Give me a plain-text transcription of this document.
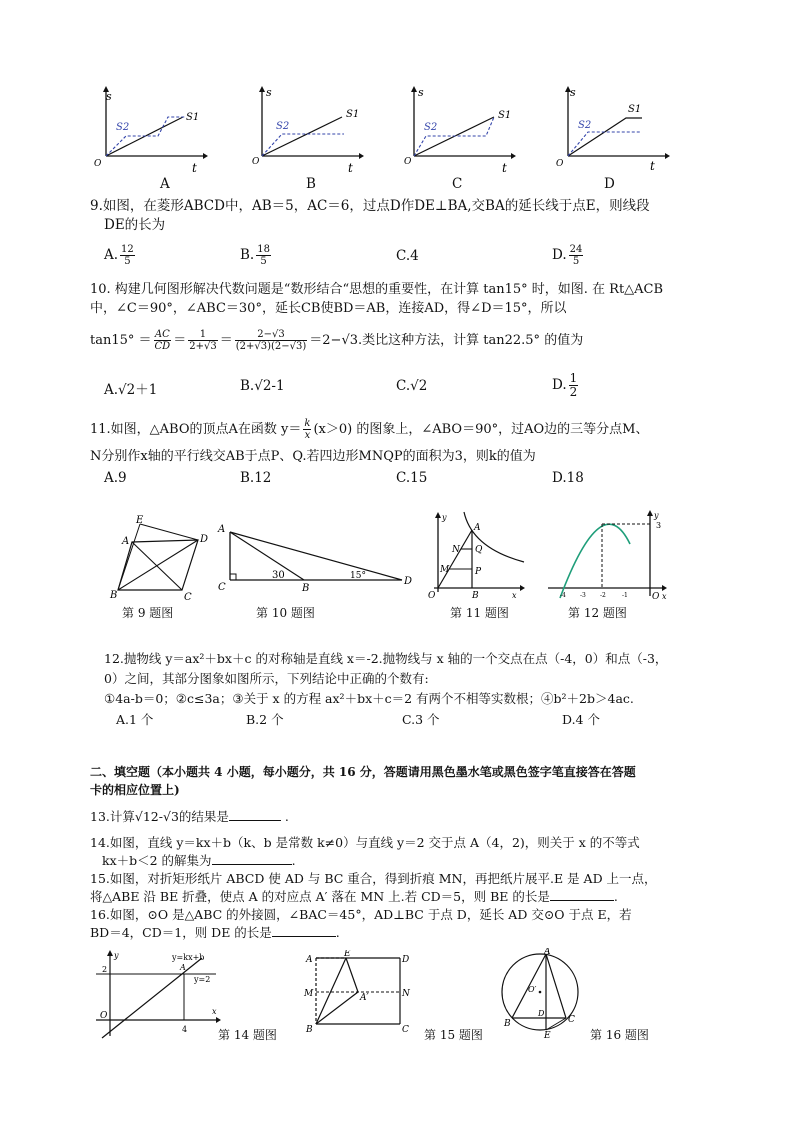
s
t
O
S1
S2
s
t
O
S1
S2
s
t
O
S1
S2
s
t
O
S1
S2
A	B	C	D
9.如图，在菱形ABCD中，AB＝5，AC＝6，过点D作DE⊥BA,交BA的延长线于点E，则线段
DE的长为
A. $\frac{12}{5}$	B. $\frac{18}{5}$	C.4	D. $\frac{24}{5}$
10. 构建几何图形解决代数问题是“数形结合“思想的重要性，在计算 tan15° 时，如图. 在 Rt△ACB
中，∠C＝90°，∠ABC＝30°，延长CB使BD＝AB，连接AD，得∠D＝15°，所以
$\tan 15^\circ = \frac{AC}{CD} = \frac{1}{2+√3} = \frac{2-√3}{(2+√3)(2-√3)} =2-√3$.类比这种方法，计算 tan22.5° 的值为
A.√2＋1	B.√2-1	C.√2	D. $\frac{1}{2}$
11.如图，△ABO的顶点A在函数 $y= \frac{k}{x} (x>0)$ 的图象上，∠ABO＝90°，过AO边的三等分点M、
N分别作x轴的平行线交AB于点P、Q.若四边形MNQP的面积为3，则k的值为
A.9	B.12	C.15	D.18
E
A	D
B	C
A
C	B
D
30	15°
y
x
O	B
A
N
M
Q
P
y
3
O x
-4 -3 -2	-1
第 9 题图	第 10 题图	第 11 题图	第 12 题图
12.抛物线 y＝ax²＋bx＋c 的对称轴是直线 x＝-2.抛物线与 x 轴的一个交点在点（-4，0）和点（-3，
0）之间，其部分图象如图所示，下列结论中正确的个数有:
①4a-b＝0；②c≤3a；③关于 x 的方程 ax²＋bx＋c＝2 有两个不相等实数根；④b²＋2b＞4ac.
A.1 个	B.2 个	C.3 个	D.4 个
二、填空题（本小题共 4 小题，每小题分，共 16 分，答题请用黑色墨水笔或黑色签字笔直接答在答题
卡的相应位置上)
13.计算√12-√3的结果是	.
14.如图，直线 y＝kx＋b（k、b 是常数 k≠0）与直线 y＝2 交于点 A（4，2)，则关于 x 的不等式
kx＋b＜2 的解集为	.
15.如图，对折矩形纸片 ABCD 使 AD 与 BC 重合，得到折痕 MN，再把纸片展平.E 是 AD 上一点，
将△ABE 沿 BE 折叠，使点 A 的对应点 A′ 落在 MN 上.若 CD＝5，则 BE 的长是	.
16.如图，⊙O 是△ABC 的外接圆，∠BAC＝45°，AD⊥BC 于点 D，延长 AD 交⊙O 于点 E，若
BD＝4，CD＝1，则 DE 的长是	.
y
x
O
2
4
A
y=kx+b
y=2
A
E
D
M	N
A′
B	C
A
O′
D
B	C
E
第 14 题图	第 15 题图	第 16 题图
